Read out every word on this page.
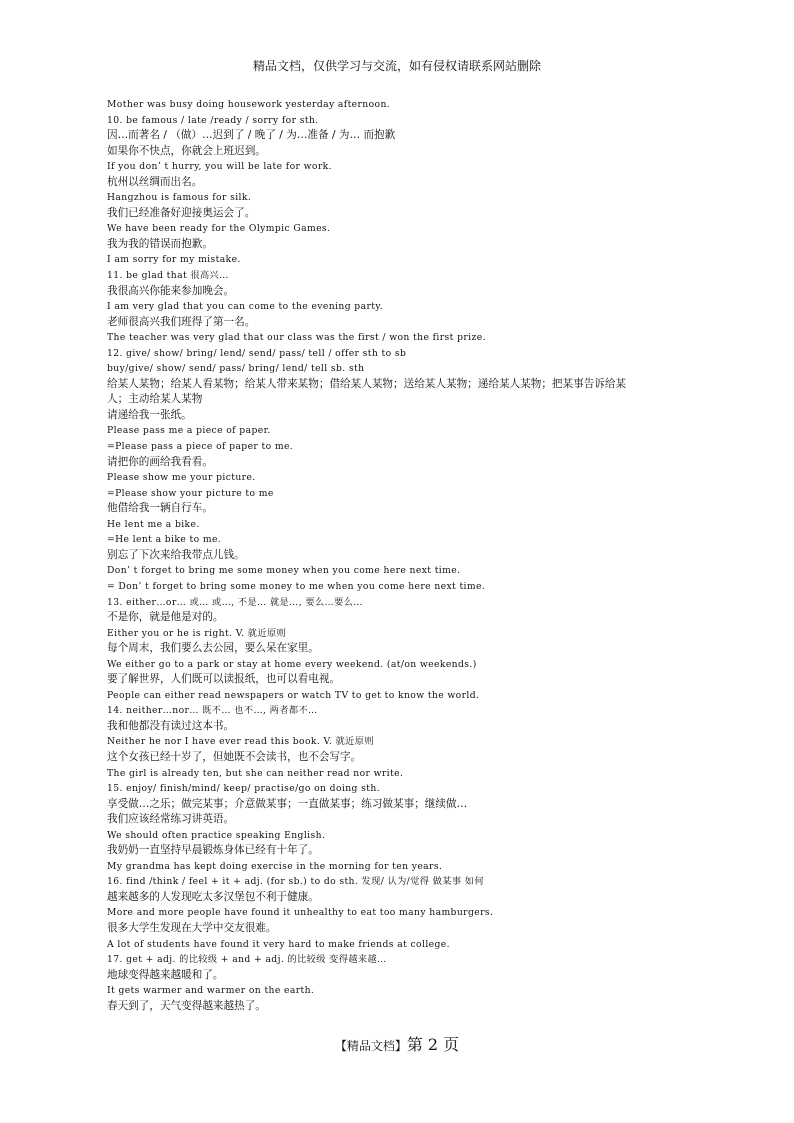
精品文档，仅供学习与交流，如有侵权请联系网站删除
Mother was busy doing housework yesterday afternoon.
10. be famous / late /ready / sorry for sth.
因…而著名 / （做）…迟到了 / 晚了 / 为…准备 / 为… 而抱歉
如果你不快点，你就会上班迟到。
If you don’ t hurry, you will be late for work.
杭州以丝绸而出名。
Hangzhou is famous for silk.
我们已经准备好迎接奥运会了。
We have been ready for the Olympic Games.
我为我的错误而抱歉。
I am sorry for my mistake.
11. be glad that 很高兴…
我很高兴你能来参加晚会。
I am very glad that you can come to the evening party.
老师很高兴我们班得了第一名。
The teacher was very glad that our class was the first / won the first prize.
12. give/ show/ bring/ lend/ send/ pass/ tell / offer sth to sb
buy/give/ show/ send/ pass/ bring/ lend/ tell sb. sth
给某人某物；给某人看某物；给某人带来某物；借给某人某物；送给某人某物；递给某人某物；把某事告诉给某
人；主动给某人某物
请递给我一张纸。
Please pass me a piece of paper.
=Please pass a piece of paper to me.
请把你的画给我看看。
Please show me your picture.
=Please show your picture to me
他借给我一辆自行车。
He lent me a bike.
=He lent a bike to me.
别忘了下次来给我带点儿钱。
Don’ t forget to bring me some money when you come here next time.
= Don’ t forget to bring some money to me when you come here next time.
13. either…or… 或… 或…, 不是… 就是…, 要么…要么…
不是你，就是他是对的。
Either you or he is right. V. 就近原则
每个周末，我们要么去公园，要么呆在家里。
We either go to a park or stay at home every weekend. (at/on weekends.)
要了解世界，人们既可以读报纸，也可以看电视。
People can either read newspapers or watch TV to get to know the world.
14. neither…nor… 既不… 也不…, 两者都不…
我和他都没有读过这本书。
Neither he nor I have ever read this book. V. 就近原则
这个女孩已经十岁了，但她既不会读书，也不会写字。
The girl is already ten, but she can neither read nor write.
15. enjoy/ finish/mind/ keep/ practise/go on doing sth.
享受做…之乐；做完某事；介意做某事；一直做某事；练习做某事；继续做…
我们应该经常练习讲英语。
We should often practice speaking English.
我奶奶一直坚持早晨锻炼身体已经有十年了。
My grandma has kept doing exercise in the morning for ten years.
16. find /think / feel + it + adj. (for sb.) to do sth. 发现/ 认为/觉得 做某事 如何
越来越多的人发现吃太多汉堡包不利于健康。
More and more people have found it unhealthy to eat too many hamburgers.
很多大学生发现在大学中交友很难。
A lot of students have found it very hard to make friends at college.
17. get + adj. 的比较级 + and + adj. 的比较级 变得越来越…
地球变得越来越暖和了。
It gets warmer and warmer on the earth.
春天到了，天气变得越来越热了。
【精品文档】第 2 页
